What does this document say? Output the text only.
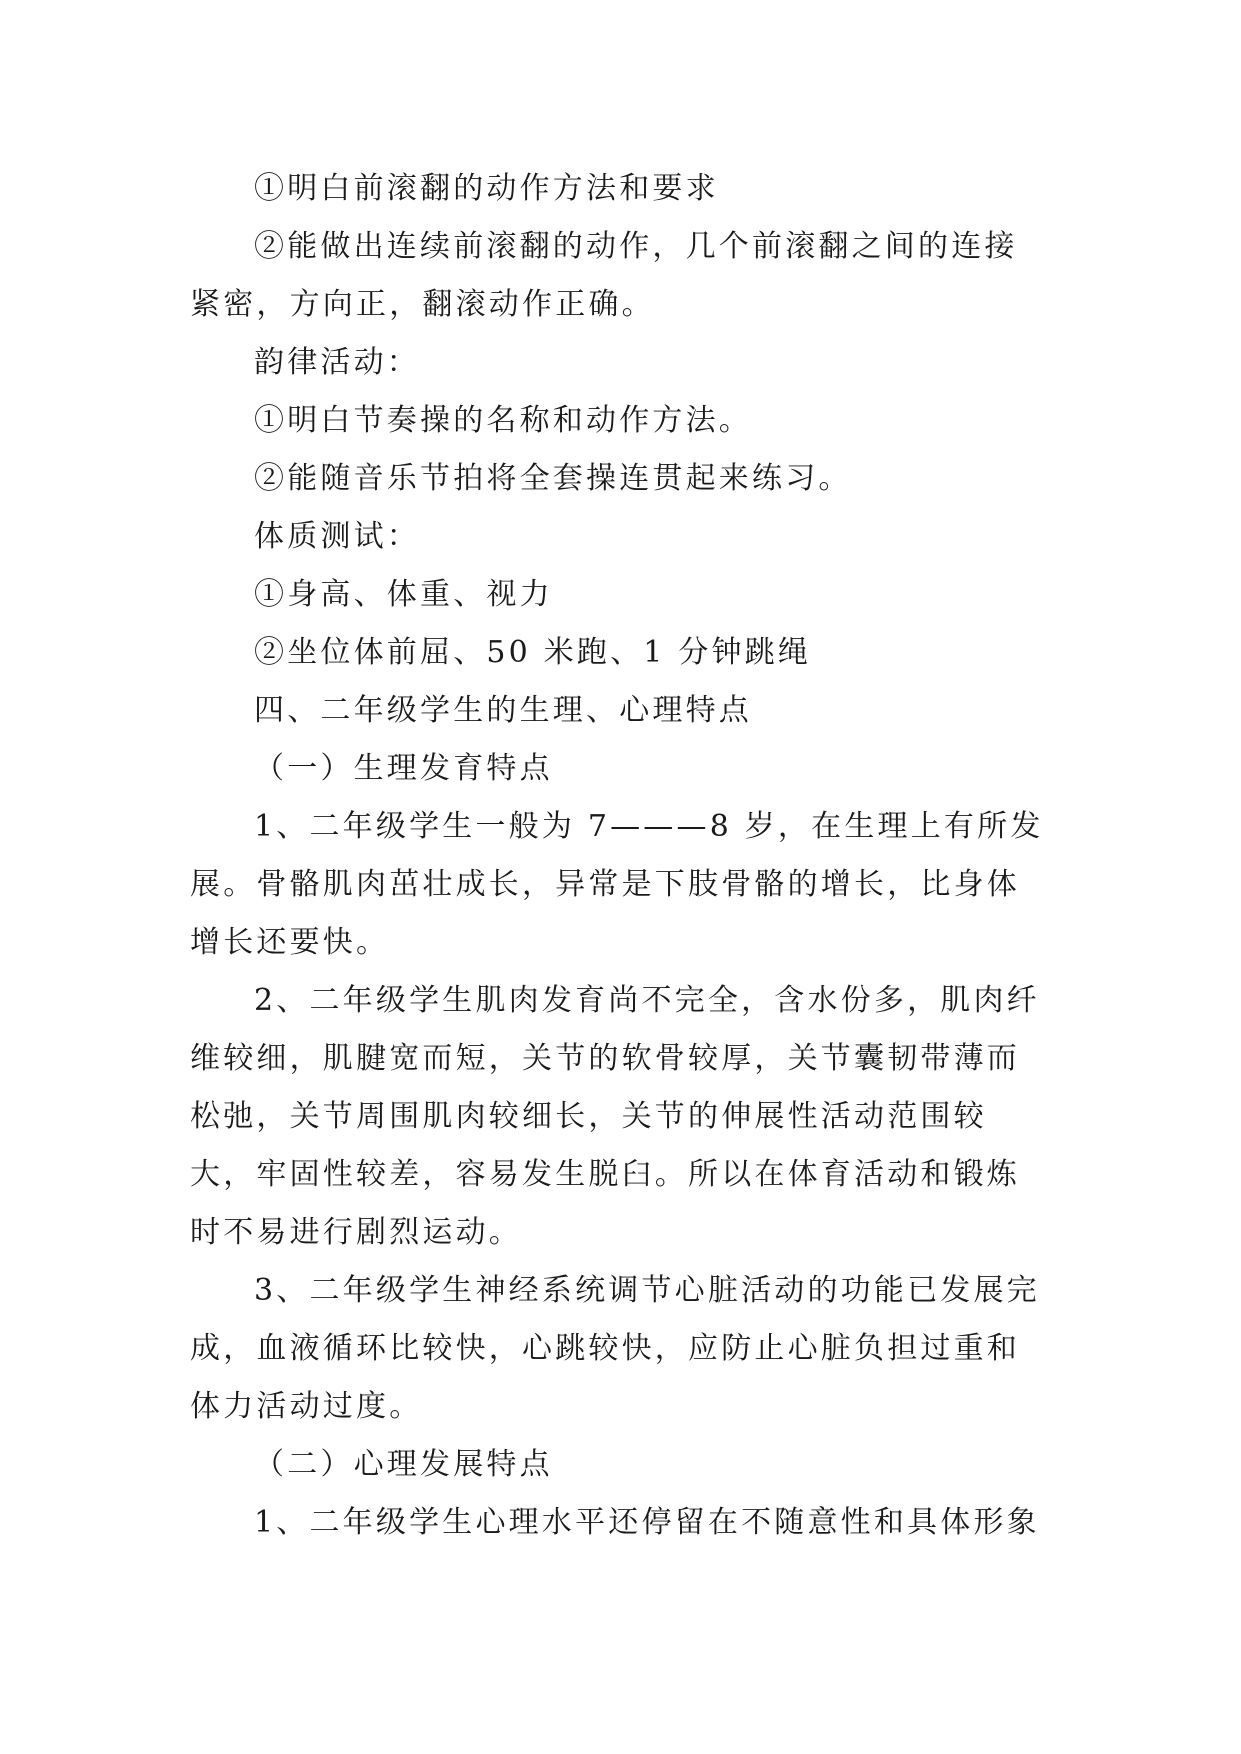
①明白前滚翻的动作方法和要求

②能做出连续前滚翻的动作，几个前滚翻之间的连接紧密，方向正，翻滚动作正确。

韵律活动：

①明白节奏操的名称和动作方法。

②能随音乐节拍将全套操连贯起来练习。

体质测试：

①身高、体重、视力

②坐位体前屈、50 米跑、1 分钟跳绳

四、二年级学生的生理、心理特点

（一）生理发育特点

1、二年级学生一般为 7———8 岁，在生理上有所发展。骨骼肌肉茁壮成长，异常是下肢骨骼的增长，比身体增长还要快。

2、二年级学生肌肉发育尚不完全，含水份多，肌肉纤维较细，肌腱宽而短，关节的软骨较厚，关节囊韧带薄而松弛，关节周围肌肉较细长，关节的伸展性活动范围较大，牢固性较差，容易发生脱臼。所以在体育活动和锻炼时不易进行剧烈运动。

3、二年级学生神经系统调节心脏活动的功能已发展完成，血液循环比较快，心跳较快，应防止心脏负担过重和体力活动过度。

（二）心理发展特点

1、二年级学生心理水平还停留在不随意性和具体形象
